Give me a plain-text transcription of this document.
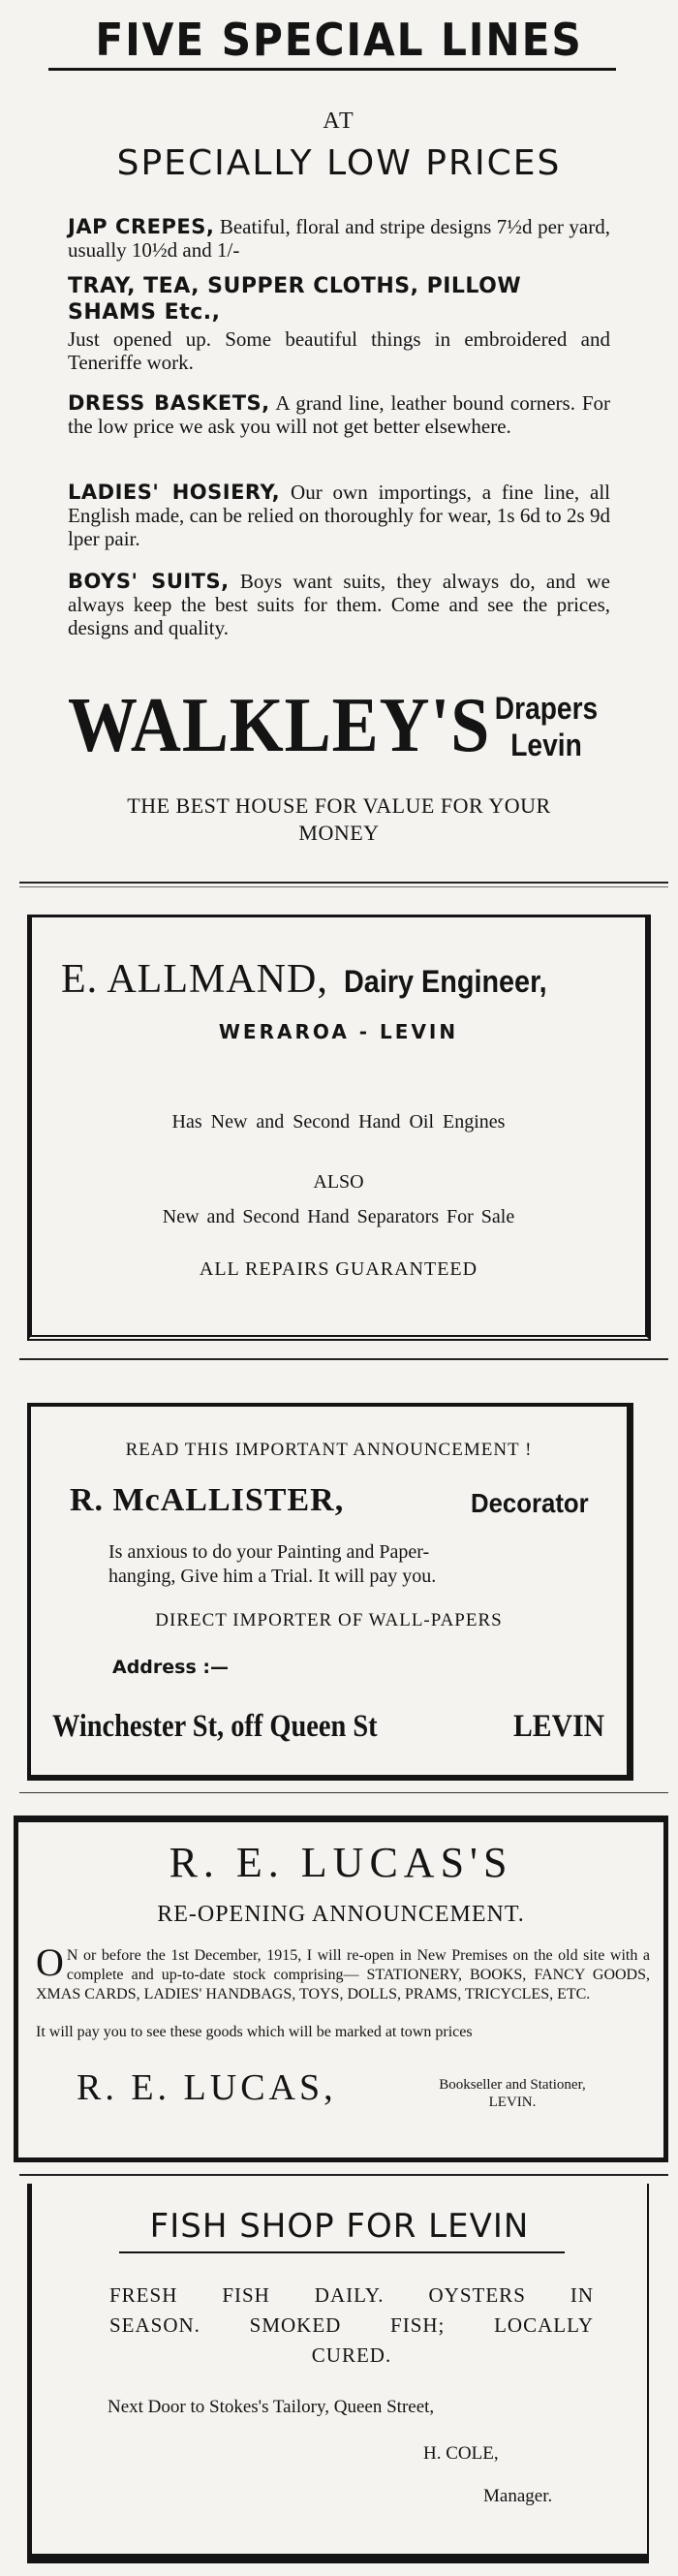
FIVE SPECIAL LINES
AT
SPECIALLY LOW PRICES
JAP CREPES, Beatiful, floral and stripe designs 7½d per yard, usually 10½d and 1/-
TRAY, TEA, SUPPER CLOTHS, PILLOW SHAMS Etc.,
Just opened up. Some beautiful things in embroidered and Teneriffe work.
DRESS BASKETS, A grand line, leather bound corners. For the low price we ask you will not get better elsewhere.
LADIES' HOSIERY, Our own importings, a fine line, all English made, can be relied on thoroughly for wear, 1s 6d to 2s 9d lper pair.
BOYS' SUITS, Boys want suits, they always do, and we always keep the best suits for them. Come and see the prices, designs and quality.
WALKLEY'S Drapers
Levin
THE BEST HOUSE FOR VALUE FOR YOUR
MONEY
E. ALLMAND, Dairy Engineer,
WERAROA - LEVIN
Has New and Second Hand Oil Engines
ALSO
New and Second Hand Separators For Sale
ALL REPAIRS GUARANTEED
READ THIS IMPORTANT ANNOUNCEMENT !
R. McALLISTER,	Decorator
Is anxious to do your Painting and Paper-
hanging, Give him a Trial. It will pay you.
DIRECT IMPORTER OF WALL-PAPERS
Address :—
Winchester St, off Queen St	LEVIN
R. E. LUCAS'S
RE-OPENING ANNOUNCEMENT.
O N or before the 1st December, 1915, I will re-open in New Premises on the old site with a complete and up-to-date stock comprising— STATIONERY, BOOKS, FANCY GOODS, XMAS CARDS, LADIES' HANDBAGS, TOYS, DOLLS, PRAMS, TRICYCLES, ETC.
It will pay you to see these goods which will be marked at town prices
R. E. LUCAS,	Bookseller and Stationer,
LEVIN.
FISH SHOP FOR LEVIN
FRESH FISH DAILY. OYSTERS IN
SEASON. SMOKED FISH; LOCALLY
CURED.
Next Door to Stokes's Tailory, Queen Street,
H. COLE,
Manager.
